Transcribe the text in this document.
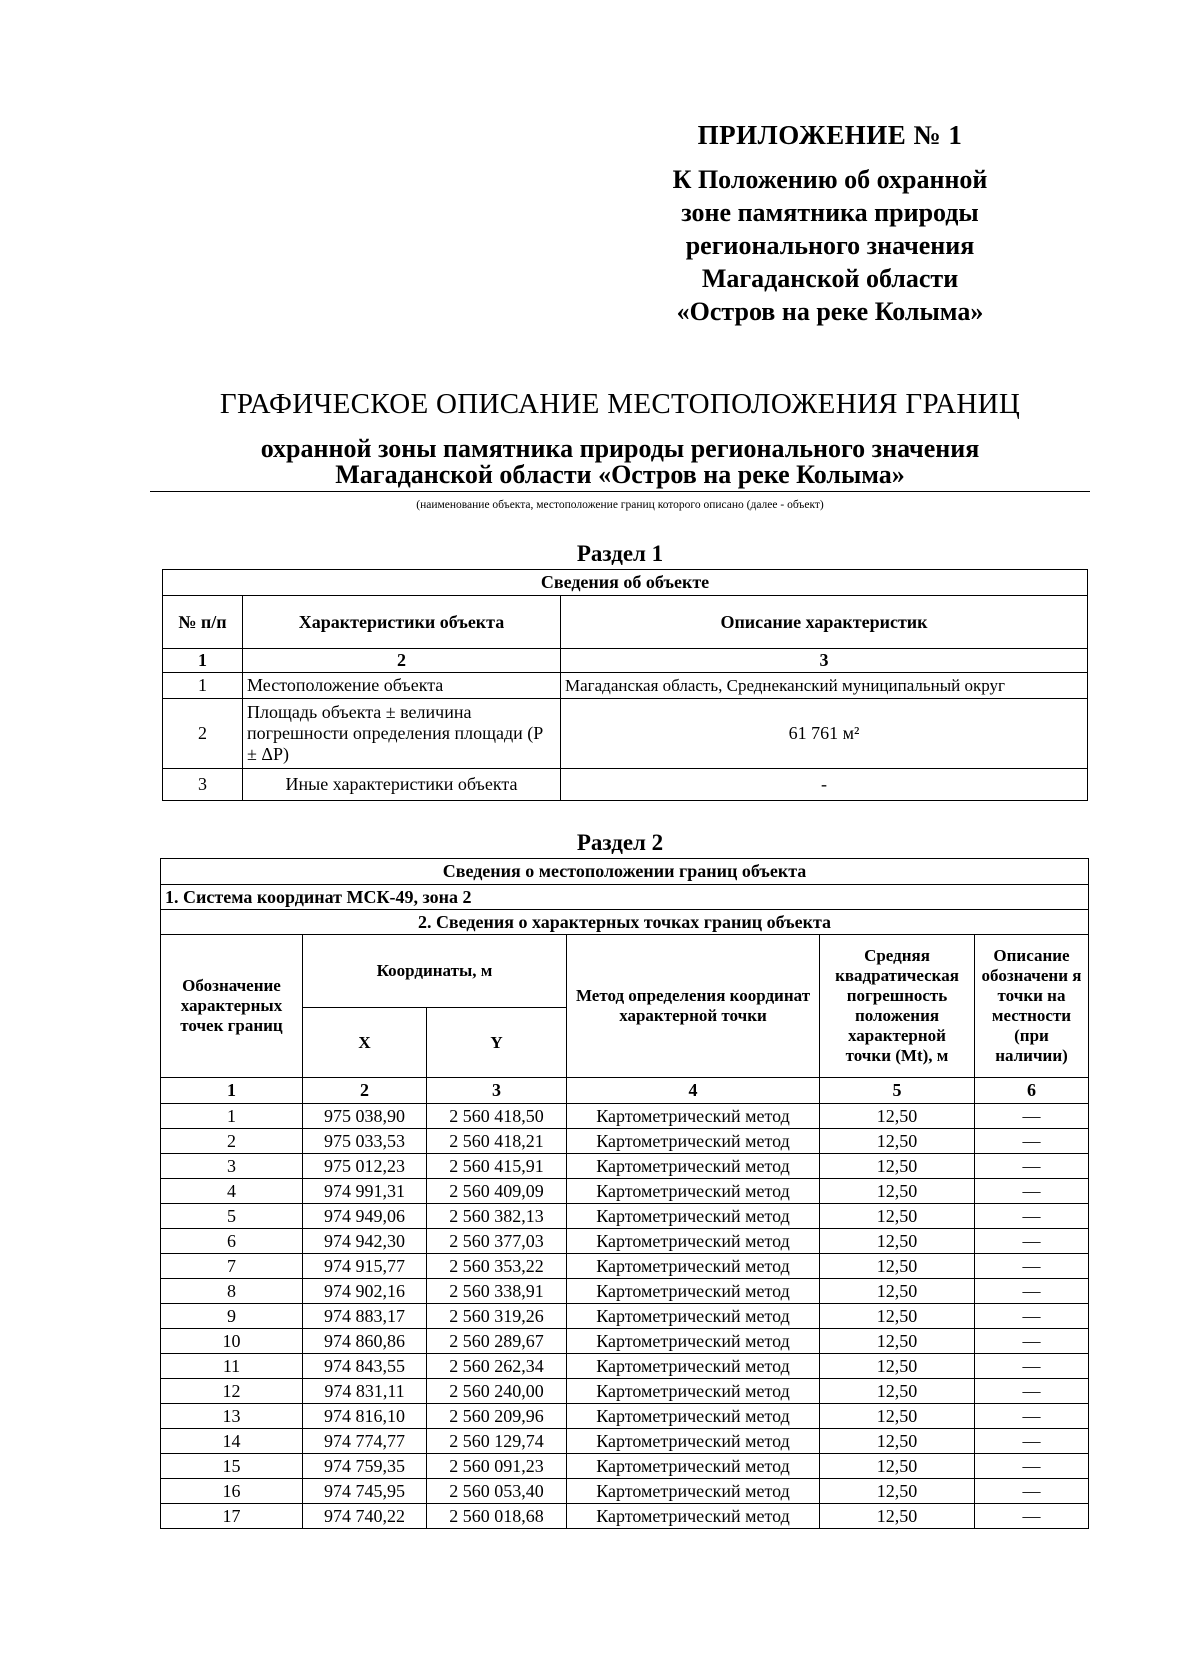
ПРИЛОЖЕНИЕ № 1
К Положению об охранной
зоне памятника природы
регионального значения
Магаданской области
«Остров на реке Колыма»
ГРАФИЧЕСКОЕ ОПИСАНИЕ МЕСТОПОЛОЖЕНИЯ ГРАНИЦ
охранной зоны памятника природы регионального значения
Магаданской области «Остров на реке Колыма»
(наименование объекта, местоположение границ которого описано (далее - объект)
Раздел 1
Сведения об объекте		
№ п/п	Характеристики объекта	Описание характеристик
1	2	3
1	Местоположение объекта	Магаданская область, Среднеканский муниципальный округ
2	Площадь объекта ± величина погрешности определения площади (Р ± ΔР)	61 761 м²
3	Иные характеристики объекта	-
Раздел 2
Сведения о местоположении границ объекта					
1. Система координат МСК-49, зона 2					
2. Сведения о характерных точках границ объекта					
Обозначение характерных точек границ	Координаты, м		Метод определения координат характерной точки	Средняя квадратическая погрешность положения характерной точки (Mt), м	Описание обозначени я точки на местности (при наличии)
	X	Y			
1	2	3	4	5	6
1	975 038,90	2 560 418,50	Картометрический метод	12,50	—
2	975 033,53	2 560 418,21	Картометрический метод	12,50	—
3	975 012,23	2 560 415,91	Картометрический метод	12,50	—
4	974 991,31	2 560 409,09	Картометрический метод	12,50	—
5	974 949,06	2 560 382,13	Картометрический метод	12,50	—
6	974 942,30	2 560 377,03	Картометрический метод	12,50	—
7	974 915,77	2 560 353,22	Картометрический метод	12,50	—
8	974 902,16	2 560 338,91	Картометрический метод	12,50	—
9	974 883,17	2 560 319,26	Картометрический метод	12,50	—
10	974 860,86	2 560 289,67	Картометрический метод	12,50	—
11	974 843,55	2 560 262,34	Картометрический метод	12,50	—
12	974 831,11	2 560 240,00	Картометрический метод	12,50	—
13	974 816,10	2 560 209,96	Картометрический метод	12,50	—
14	974 774,77	2 560 129,74	Картометрический метод	12,50	—
15	974 759,35	2 560 091,23	Картометрический метод	12,50	—
16	974 745,95	2 560 053,40	Картометрический метод	12,50	—
17	974 740,22	2 560 018,68	Картометрический метод	12,50	—
